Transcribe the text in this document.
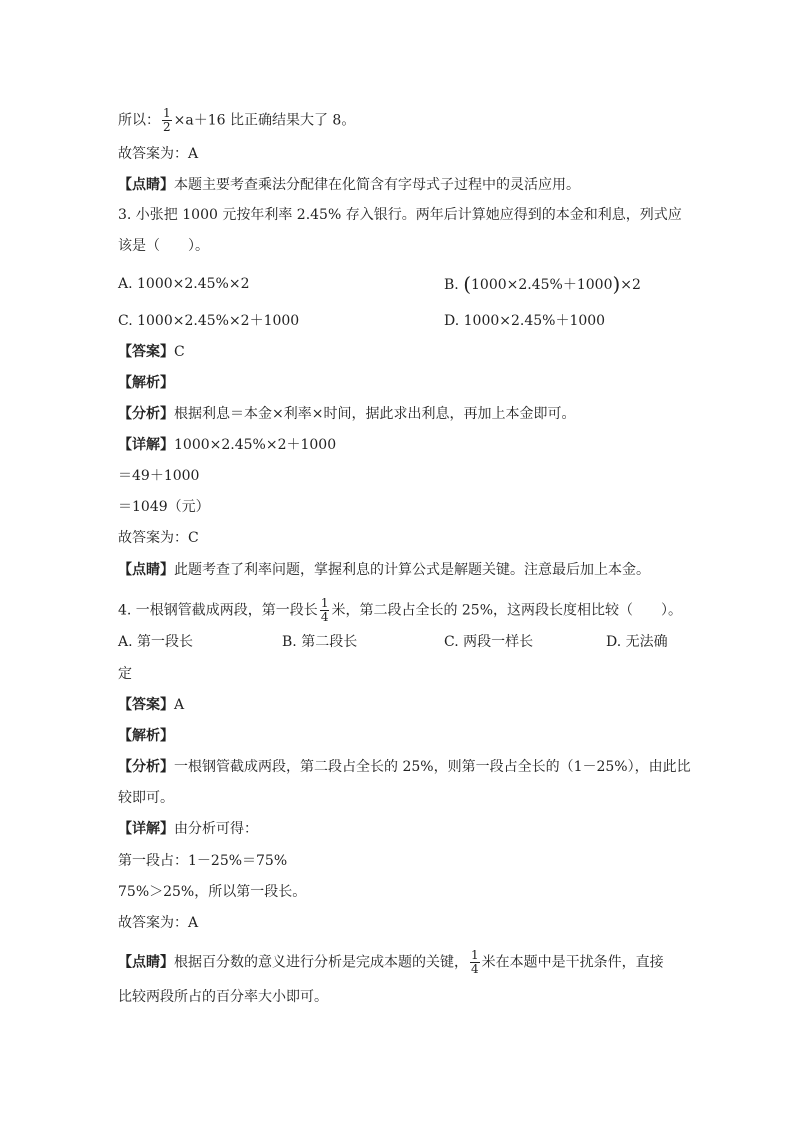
所以： $\frac{1}{2} \times a+16$ 比正确结果大了 8。
故答案为：A
【点睛】本题主要考查乘法分配律在化简含有字母式子过程中的灵活应用。
3. 小张把 1000 元按年利率 2.45% 存入银行。两年后计算她应得到的本金和利息，列式应
该是（　　）。
A. 1000×2.45%×2	B. (1000×2.45%＋1000)×2
C. 1000×2.45%×2＋1000	D. 1000×2.45%＋1000
【答案】C
【解析】
【分析】根据利息＝本金×利率×时间，据此求出利息，再加上本金即可。
【详解】1000×2.45%×2＋1000
＝49＋1000
＝1049（元）
故答案为：C
【点睛】此题考查了利率问题，掌握利息的计算公式是解题关键。注意最后加上本金。
4. 一根钢管截成两段，第一段长 $\frac{1}{4}$ 米，第二段占全长的 25%，这两段长度相比较（　　）。
A. 第一段长	B. 第二段长	C. 两段一样长	D. 无法确
定
【答案】A
【解析】
【分析】一根钢管截成两段，第二段占全长的 25%，则第一段占全长的（1－25%），由此比
较即可。
【详解】由分析可得：
第一段占：1－25%＝75%
75%＞25%，所以第一段长。
故答案为：A
【点睛】根据百分数的意义进行分析是完成本题的关键， $\frac{1}{4}$ 米在本题中是干扰条件，直接
比较两段所占的百分率大小即可。
